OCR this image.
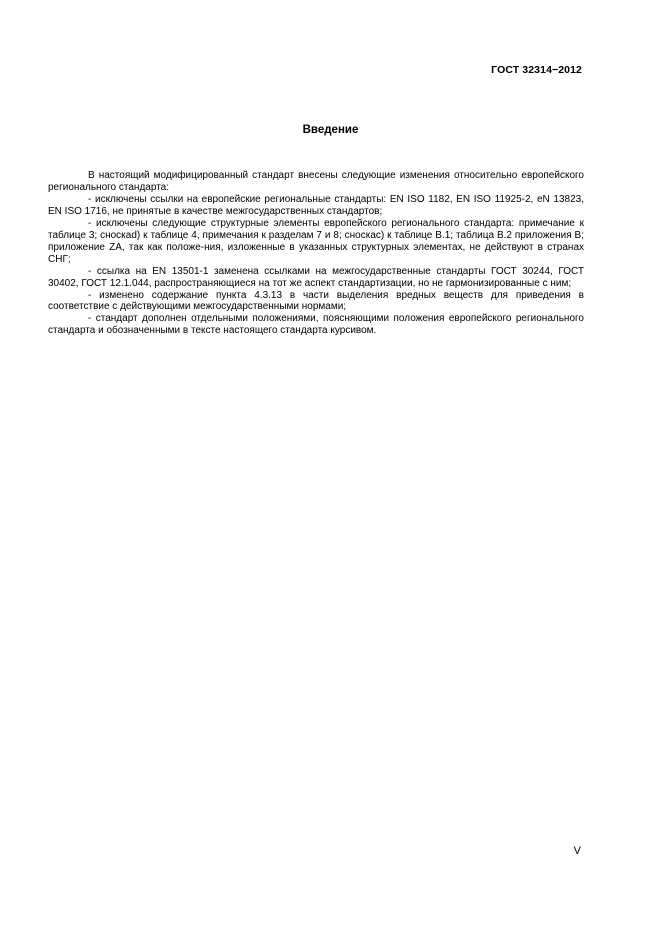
ГОСТ 32314−2012
Введение

В настоящий модифицированный стандарт внесены следующие изменения относительно европейского регионального стандарта:

- исключены ссылки на европейские региональные стандарты: EN ISO 1182, EN ISO 11925-2, eN 13823, EN ISO 1716, не принятые в качестве межгосударственных стандартов;

- исключены следующие структурные элементы европейского регионального стандарта: примечание к таблице 3; сноскаd) к таблице 4, примечания к разделам 7 и 8; сноскаc) к таблице В.1; таблица В.2 приложения В; приложение ZA, так как положе-ния, изложенные в указанных структурных элементах, не действуют в странах СНГ;

- ссылка на EN 13501-1 заменена ссылками на межгосударственные стандарты ГОСТ 30244, ГОСТ 30402, ГОСТ 12.1.044, распространяющиеся на тот же аспект стандартизации, но не гармонизированные с ним;

- изменено содержание пункта 4.3.13 в части выделения вредных веществ для приведения в соответствие с действующими межгосударственными нормами;

- стандарт дополнен отдельными положениями, поясняющими положения европейского регионального стандарта и обозначенными в тексте настоящего стандарта курсивом.

V
